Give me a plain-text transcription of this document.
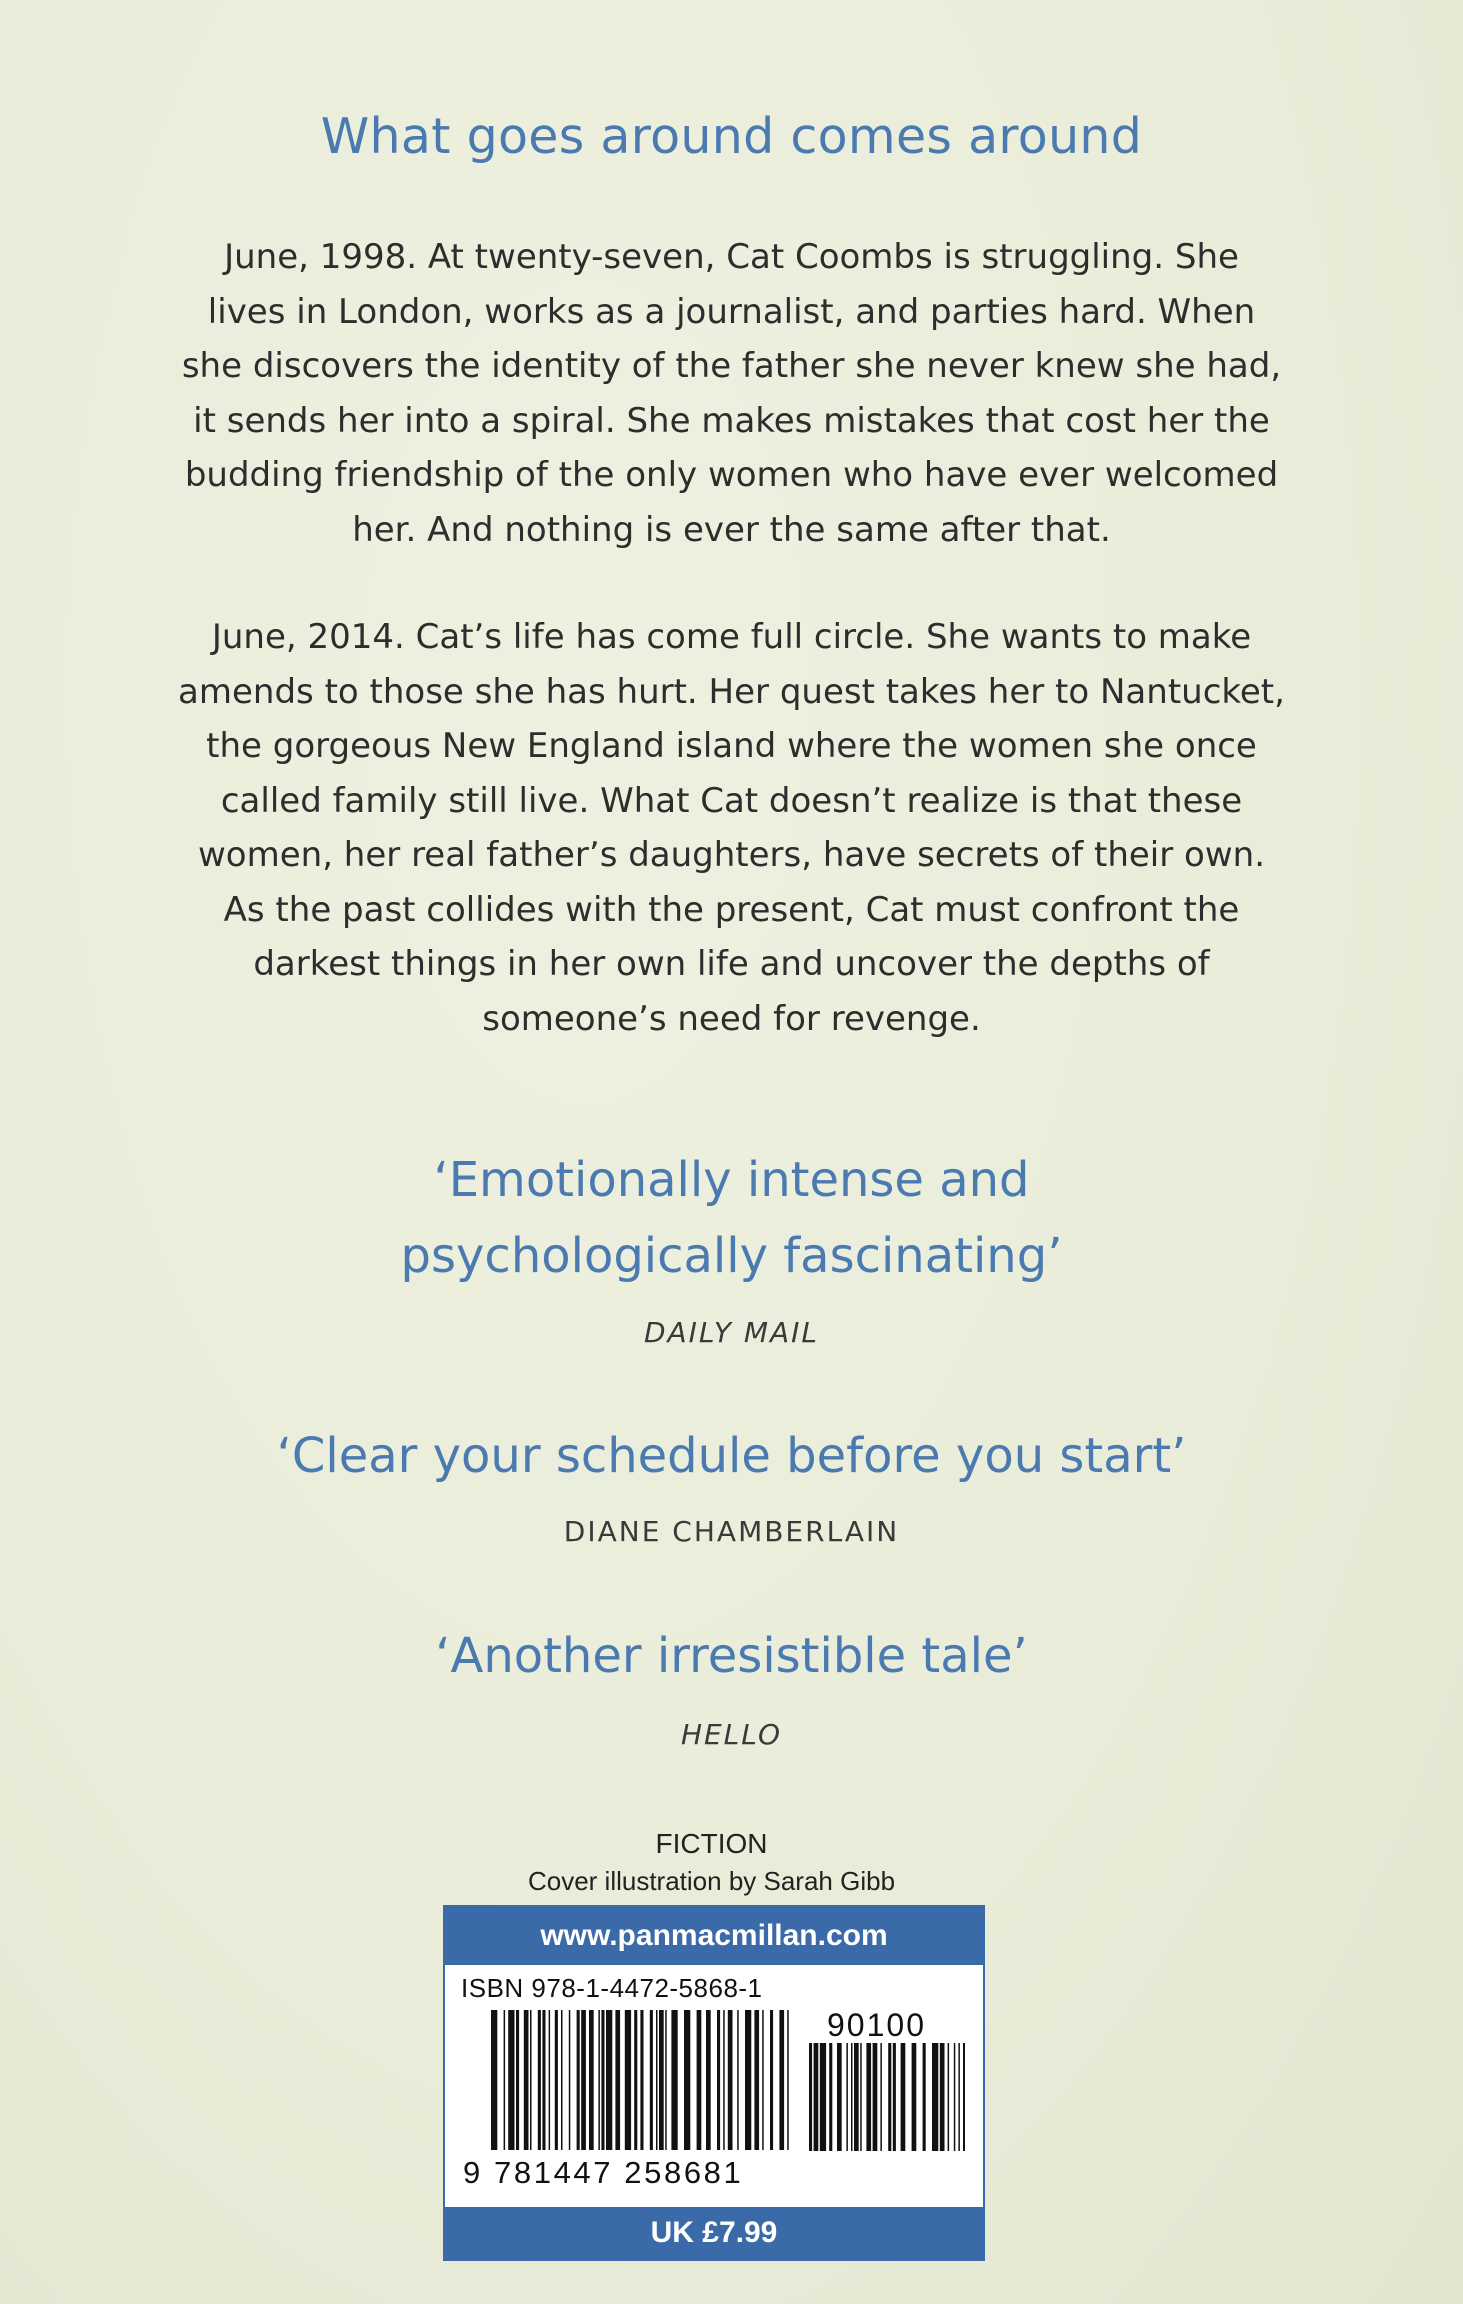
What goes around comes around
June, 1998. At twenty-seven, Cat Coombs is struggling. She
lives in London, works as a journalist, and parties hard. When
she discovers the identity of the father she never knew she had,
it sends her into a spiral. She makes mistakes that cost her the
budding friendship of the only women who have ever welcomed
her. And nothing is ever the same after that.
June, 2014. Cat’s life has come full circle. She wants to make
amends to those she has hurt. Her quest takes her to Nantucket,
the gorgeous New England island where the women she once
called family still live. What Cat doesn’t realize is that these
women, her real father’s daughters, have secrets of their own.
As the past collides with the present, Cat must confront the
darkest things in her own life and uncover the depths of
someone’s need for revenge.
‘Emotionally intense and
psychologically fascinating’
DAILY MAIL
‘Clear your schedule before you start’
DIANE CHAMBERLAIN
‘Another irresistible tale’
HELLO
FICTION
Cover illustration by Sarah Gibb
www.panmacmillan.com
ISBN 978-1-4472-5868-1
90100
9 781447 258681
UK £7.99
